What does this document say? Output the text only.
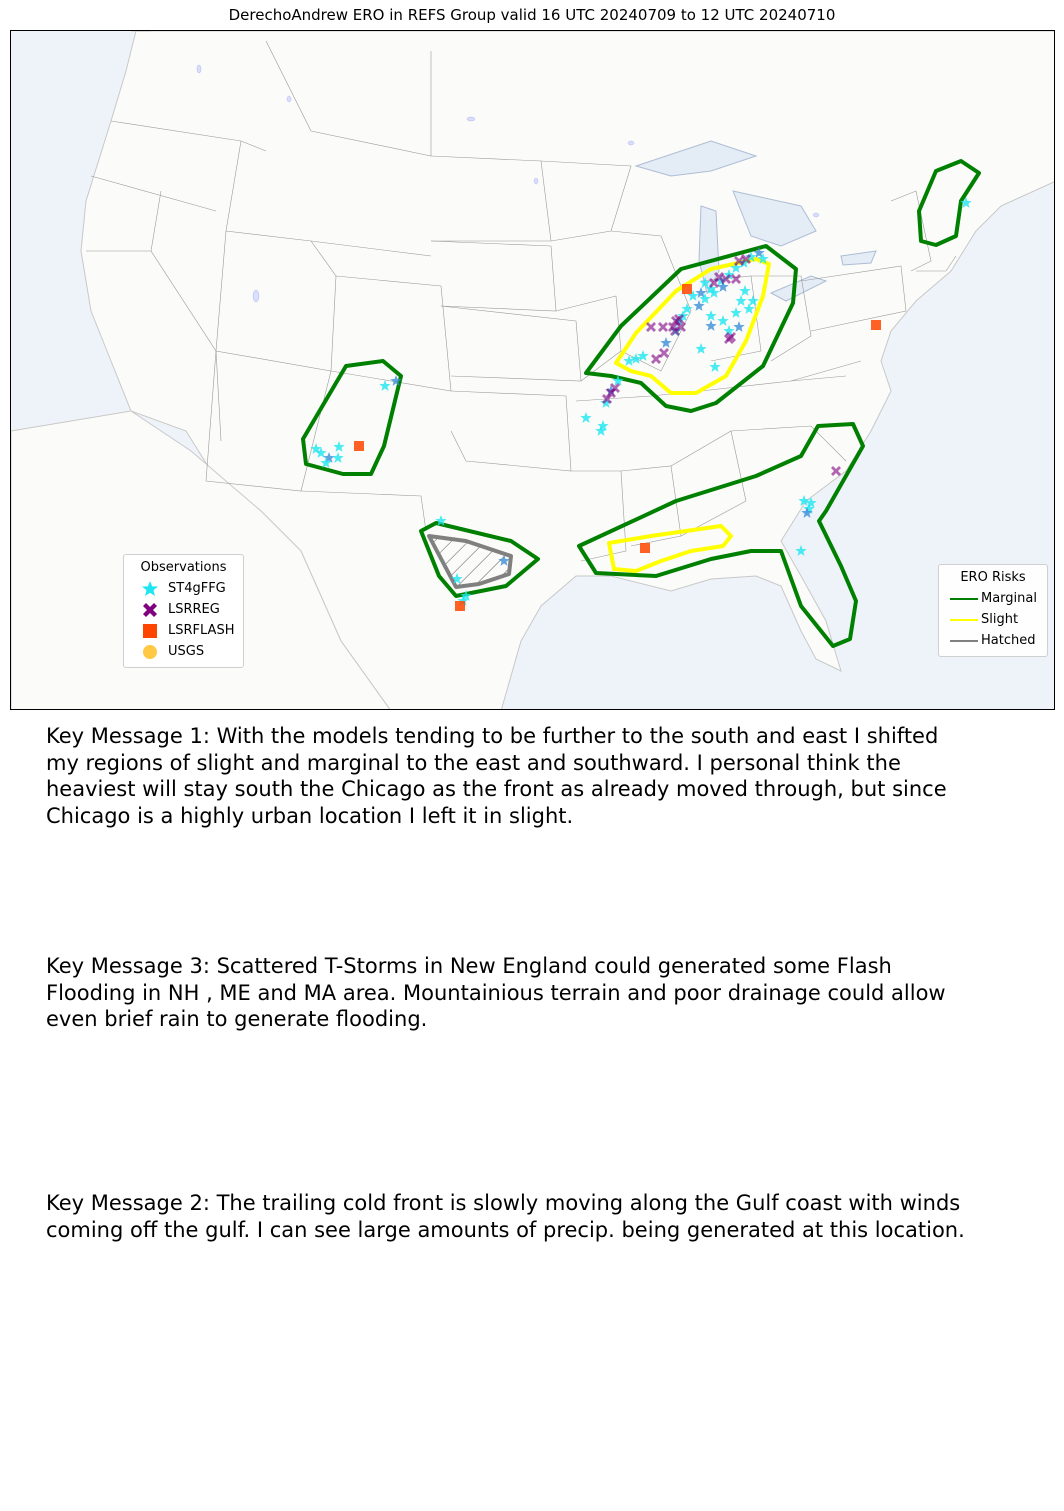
DerechoAndrew ERO in REFS Group valid 16 UTC 20240709 to 12 UTC 20240710
Observations
ST4gFFG
LSRREG
LSRFLASH
USGS
ERO Risks
Marginal
Slight
Hatched
Key Message 1: With the models tending to be further to the south and east I shifted my regions of slight and marginal to the east and southward. I personal think the heaviest will stay south the Chicago as the front as already moved through, but since Chicago is a highly urban location I left it in slight.
Key Message 3: Scattered T-Storms in New England could generated some Flash Flooding in NH , ME and MA area. Mountainious terrain and poor drainage could allow even brief rain to generate flooding.
Key Message 2: The trailing cold front is slowly moving along the Gulf coast with winds coming off the gulf. I can see large amounts of precip. being generated at this location.
